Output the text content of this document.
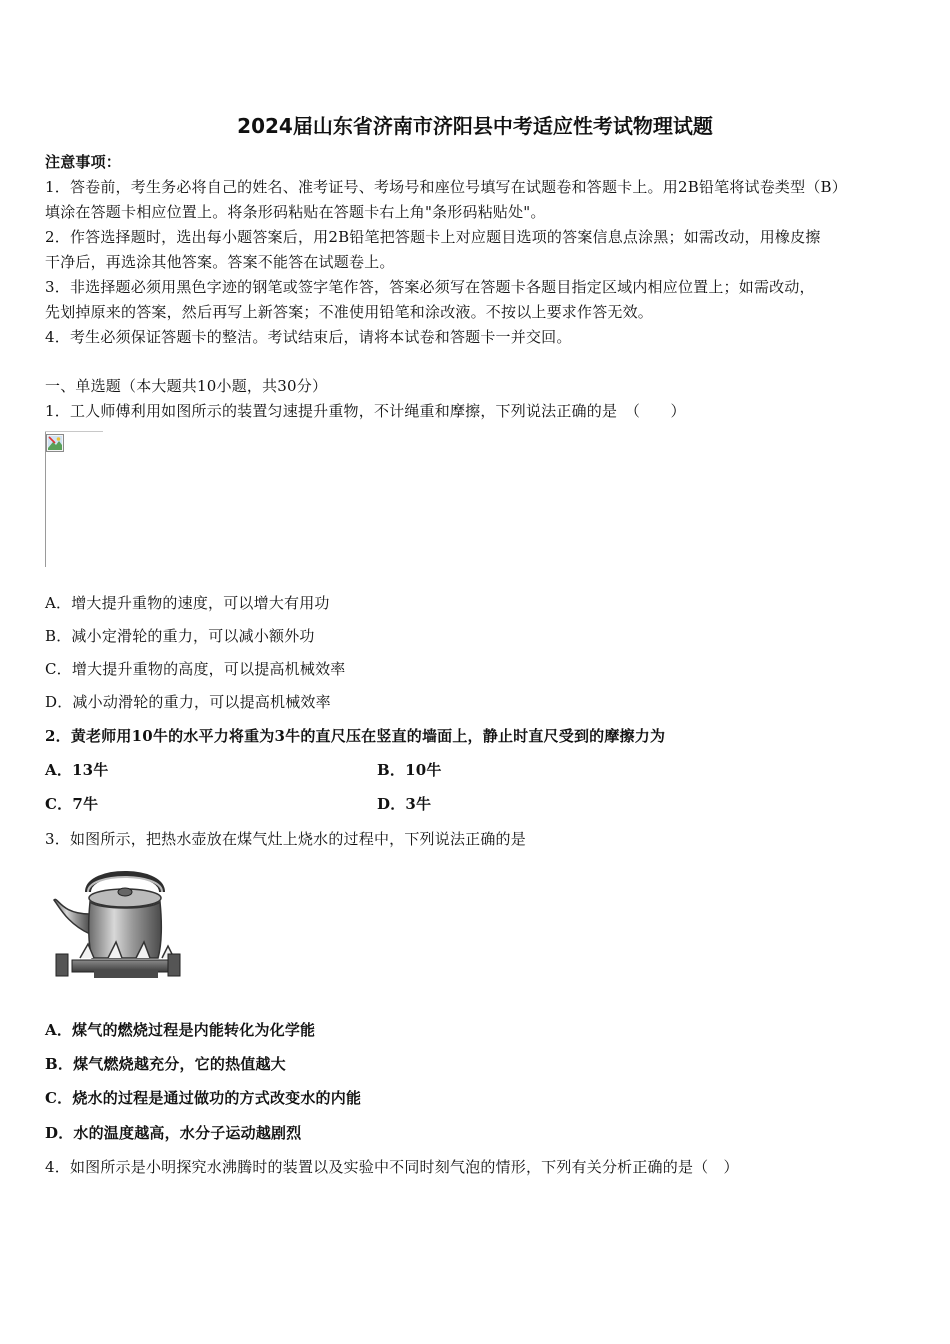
2024届山东省济南市济阳县中考适应性考试物理试题
注意事项：
1．答卷前，考生务必将自己的姓名、准考证号、考场号和座位号填写在试题卷和答题卡上。用2B铅笔将试卷类型（B）
填涂在答题卡相应位置上。将条形码粘贴在答题卡右上角"条形码粘贴处"。
2．作答选择题时，选出每小题答案后，用2B铅笔把答题卡上对应题目选项的答案信息点涂黑；如需改动，用橡皮擦
干净后，再选涂其他答案。答案不能答在试题卷上。
3．非选择题必须用黑色字迹的钢笔或签字笔作答，答案必须写在答题卡各题目指定区域内相应位置上；如需改动，
先划掉原来的答案，然后再写上新答案；不准使用铅笔和涂改液。不按以上要求作答无效。
4．考生必须保证答题卡的整洁。考试结束后，请将本试卷和答题卡一并交回。
一、单选题（本大题共10小题，共30分）
1．工人师傅利用如图所示的装置匀速提升重物，不计绳重和摩擦，下列说法正确的是　（　　）
A．增大提升重物的速度，可以增大有用功
B．减小定滑轮的重力，可以减小额外功
C．增大提升重物的高度，可以提高机械效率
D．减小动滑轮的重力，可以提高机械效率
2．黄老师用10牛的水平力将重为3牛的直尺压在竖直的墙面上，静止时直尺受到的摩擦力为
A．13牛	B．10牛
C．7牛	D．3牛
3．如图所示，把热水壶放在煤气灶上烧水的过程中，下列说法正确的是
A．煤气的燃烧过程是内能转化为化学能
B．煤气燃烧越充分，它的热值越大
C．烧水的过程是通过做功的方式改变水的内能
D．水的温度越高，水分子运动越剧烈
4．如图所示是小明探究水沸腾时的装置以及实验中不同时刻气泡的情形，下列有关分析正确的是（　）
